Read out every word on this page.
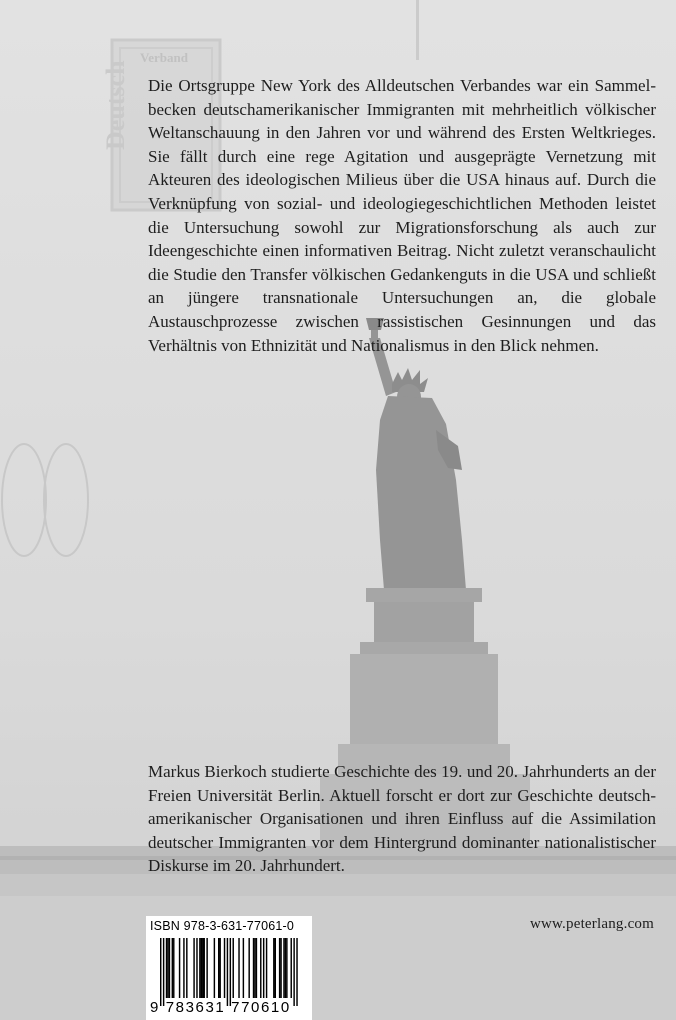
Verband
Deutsch Die Ortsgruppe New York des Alldeutschen Verbandes war ein Sammelbecken deutschamerikanischer Immigranten mit mehrheitlich völkischer Weltanschauung in den Jahren vor und während des Ersten Weltkrieges. Sie fällt durch eine rege Agitation und ausgeprägte Vernetzung mit Akteuren des ideologischen Milieus über die USA hinaus auf. Durch die Verknüpfung von sozial- und ideologiegeschichtlichen Methoden leistet die Untersuchung sowohl zur Migrationsforschung als auch zur Ideengeschichte einen informativen Beitrag. Nicht zuletzt veranschaulicht die Studie den Transfer völkischen Gedankenguts in die USA und schließt an jüngere transnationale Untersuchungen an, die globale Austauschprozesse zwischen rassistischen Gesinnungen und das Verhältnis von Ethnizität und Nationalismus in den Blick nehmen.

Markus Bierkoch studierte Geschichte des 19. und 20. Jahrhunderts an der Freien Universität Berlin. Aktuell forscht er dort zur Geschichte deutschamerikanischer Organisationen und ihren Einfluss auf die Assimilation deutscher Immigranten vor dem Hintergrund dominanter nationalistischer Diskurse im 20. Jahrhundert.

www.peterlang.com
9 783631 770610
ISBN 978-3-631-77061-0
